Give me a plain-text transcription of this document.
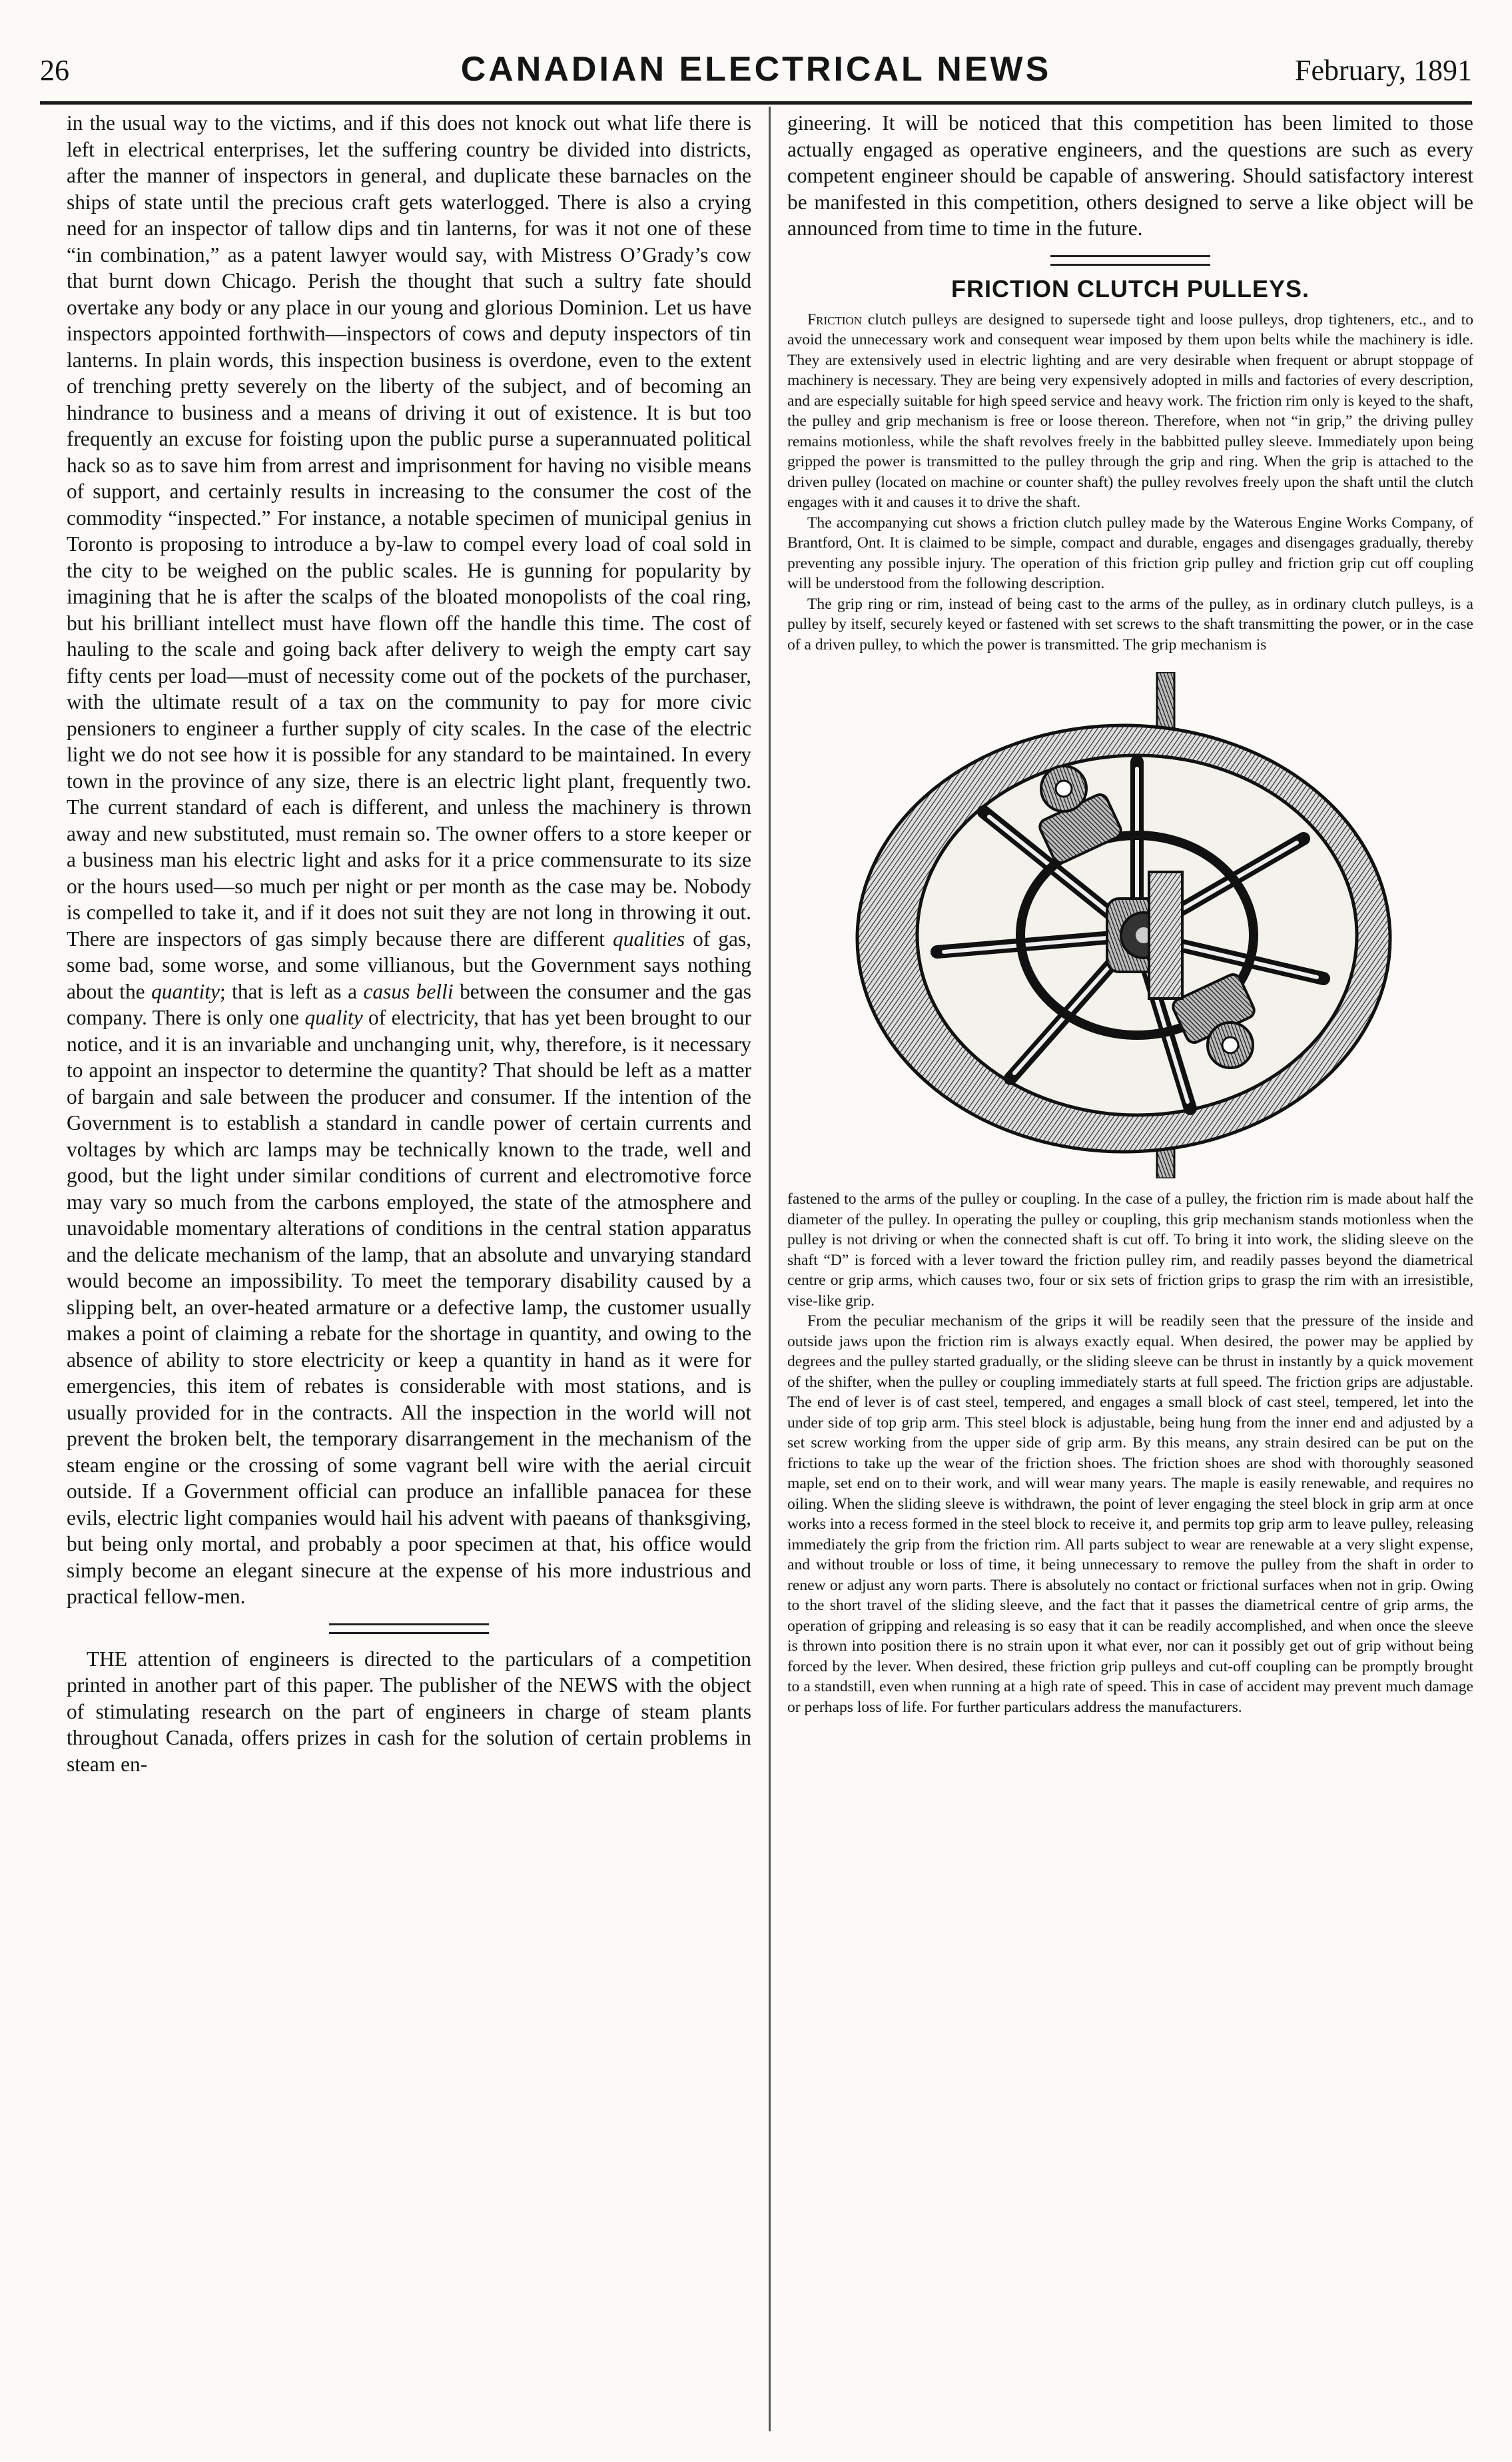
26	CANADIAN ELECTRICAL NEWS	February, 1891

in the usual way to the victims, and if this does not knock out what life there is left in electrical enterprises, let the suffering country be divided into districts, after the manner of inspectors in general, and duplicate these barnacles on the ships of state until the precious craft gets waterlogged. There is also a crying need for an inspector of tallow dips and tin lanterns, for was it not one of these “in combination,” as a patent lawyer would say, with Mistress O’Grady’s cow that burnt down Chicago. Perish the thought that such a sultry fate should overtake any body or any place in our young and glorious Dominion. Let us have inspectors appointed forthwith—inspectors of cows and deputy inspectors of tin lanterns. In plain words, this inspection business is overdone, even to the extent of trenching pretty severely on the liberty of the subject, and of becoming an hindrance to business and a means of driving it out of existence. It is but too frequently an excuse for foisting upon the public purse a superannuated political hack so as to save him from arrest and imprisonment for having no visible means of support, and certainly results in increasing to the consumer the cost of the commodity “inspected.” For instance, a notable specimen of municipal genius in Toronto is proposing to introduce a by-law to compel every load of coal sold in the city to be weighed on the public scales. He is gunning for popularity by imagining that he is after the scalps of the bloated monopolists of the coal ring, but his brilliant intellect must have flown off the handle this time. The cost of hauling to the scale and going back after delivery to weigh the empty cart say fifty cents per load—must of necessity come out of the pockets of the purchaser, with the ultimate result of a tax on the community to pay for more civic pensioners to engineer a further supply of city scales. In the case of the electric light we do not see how it is possible for any standard to be maintained. In every town in the province of any size, there is an electric light plant, frequently two. The current standard of each is different, and unless the machinery is thrown away and new substituted, must remain so. The owner offers to a store keeper or a business man his electric light and asks for it a price commensurate to its size or the hours used—so much per night or per month as the case may be. Nobody is compelled to take it, and if it does not suit they are not long in throwing it out. There are inspectors of gas simply because there are different qualities of gas, some bad, some worse, and some villianous, but the Government says nothing about the quantity; that is left as a casus belli between the consumer and the gas company. There is only one quality of electricity, that has yet been brought to our notice, and it is an invariable and unchanging unit, why, therefore, is it necessary to appoint an inspector to determine the quantity? That should be left as a matter of bargain and sale between the producer and consumer. If the intention of the Government is to establish a standard in candle power of certain currents and voltages by which arc lamps may be technically known to the trade, well and good, but the light under similar conditions of current and electromotive force may vary so much from the carbons employed, the state of the atmosphere and unavoidable momentary alterations of conditions in the central station apparatus and the delicate mechanism of the lamp, that an absolute and unvarying standard would become an impossibility. To meet the temporary disability caused by a slipping belt, an over-heated armature or a defective lamp, the customer usually makes a point of claiming a rebate for the shortage in quantity, and owing to the absence of ability to store electricity or keep a quantity in hand as it were for emergencies, this item of rebates is considerable with most stations, and is usually provided for in the contracts. All the inspection in the world will not prevent the broken belt, the temporary disarrangement in the mechanism of the steam engine or the crossing of some vagrant bell wire with the aerial circuit outside. If a Government official can produce an infallible panacea for these evils, electric light companies would hail his advent with paeans of thanksgiving, but being only mortal, and probably a poor specimen at that, his office would simply become an elegant sinecure at the expense of his more industrious and practical fellow-men.

THE attention of engineers is directed to the particulars of a competition printed in another part of this paper. The publisher of the NEWS with the object of stimulating research on the part of engineers in charge of steam plants throughout Canada, offers prizes in cash for the solution of certain problems in steam en-

gineering. It will be noticed that this competition has been limited to those actually engaged as operative engineers, and the questions are such as every competent engineer should be capable of answering. Should satisfactory interest be manifested in this competition, others designed to serve a like object will be announced from time to time in the future.

FRICTION CLUTCH PULLEYS.

Friction clutch pulleys are designed to supersede tight and loose pulleys, drop tighteners, etc., and to avoid the unnecessary work and consequent wear imposed by them upon belts while the machinery is idle. They are extensively used in electric lighting and are very desirable when frequent or abrupt stoppage of machinery is necessary. They are being very expensively adopted in mills and factories of every description, and are especially suitable for high speed service and heavy work. The friction rim only is keyed to the shaft, the pulley and grip mechanism is free or loose thereon. Therefore, when not “in grip,” the driving pulley remains motionless, while the shaft revolves freely in the babbitted pulley sleeve. Immediately upon being gripped the power is transmitted to the pulley through the grip and ring. When the grip is attached to the driven pulley (located on machine or counter shaft) the pulley revolves freely upon the shaft until the clutch engages with it and causes it to drive the shaft.

The accompanying cut shows a friction clutch pulley made by the Waterous Engine Works Company, of Brantford, Ont. It is claimed to be simple, compact and durable, engages and disengages gradually, thereby preventing any possible injury. The operation of this friction grip pulley and friction grip cut off coupling will be understood from the following description.

The grip ring or rim, instead of being cast to the arms of the pulley, as in ordinary clutch pulleys, is a pulley by itself, securely keyed or fastened with set screws to the shaft transmitting the power, or in the case of a driven pulley, to which the power is transmitted. The grip mechanism is

fastened to the arms of the pulley or coupling. In the case of a pulley, the friction rim is made about half the diameter of the pulley. In operating the pulley or coupling, this grip mechanism stands motionless when the pulley is not driving or when the connected shaft is cut off. To bring it into work, the sliding sleeve on the shaft “D” is forced with a lever toward the friction pulley rim, and readily passes beyond the diametrical centre or grip arms, which causes two, four or six sets of friction grips to grasp the rim with an irresistible, vise-like grip.

From the peculiar mechanism of the grips it will be readily seen that the pressure of the inside and outside jaws upon the friction rim is always exactly equal. When desired, the power may be applied by degrees and the pulley started gradually, or the sliding sleeve can be thrust in instantly by a quick movement of the shifter, when the pulley or coupling immediately starts at full speed. The friction grips are adjustable. The end of lever is of cast steel, tempered, and engages a small block of cast steel, tempered, let into the under side of top grip arm. This steel block is adjustable, being hung from the inner end and adjusted by a set screw working from the upper side of grip arm. By this means, any strain desired can be put on the frictions to take up the wear of the friction shoes. The friction shoes are shod with thoroughly seasoned maple, set end on to their work, and will wear many years. The maple is easily renewable, and requires no oiling. When the sliding sleeve is withdrawn, the point of lever engaging the steel block in grip arm at once works into a recess formed in the steel block to receive it, and permits top grip arm to leave pulley, releasing immediately the grip from the friction rim. All parts subject to wear are renewable at a very slight expense, and without trouble or loss of time, it being unnecessary to remove the pulley from the shaft in order to renew or adjust any worn parts. There is absolutely no contact or frictional surfaces when not in grip. Owing to the short travel of the sliding sleeve, and the fact that it passes the diametrical centre of grip arms, the operation of gripping and releasing is so easy that it can be readily accomplished, and when once the sleeve is thrown into position there is no strain upon it what ever, nor can it possibly get out of grip without being forced by the lever. When desired, these friction grip pulleys and cut-off coupling can be promptly brought to a standstill, even when running at a high rate of speed. This in case of accident may prevent much damage or perhaps loss of life. For further particulars address the manufacturers.
